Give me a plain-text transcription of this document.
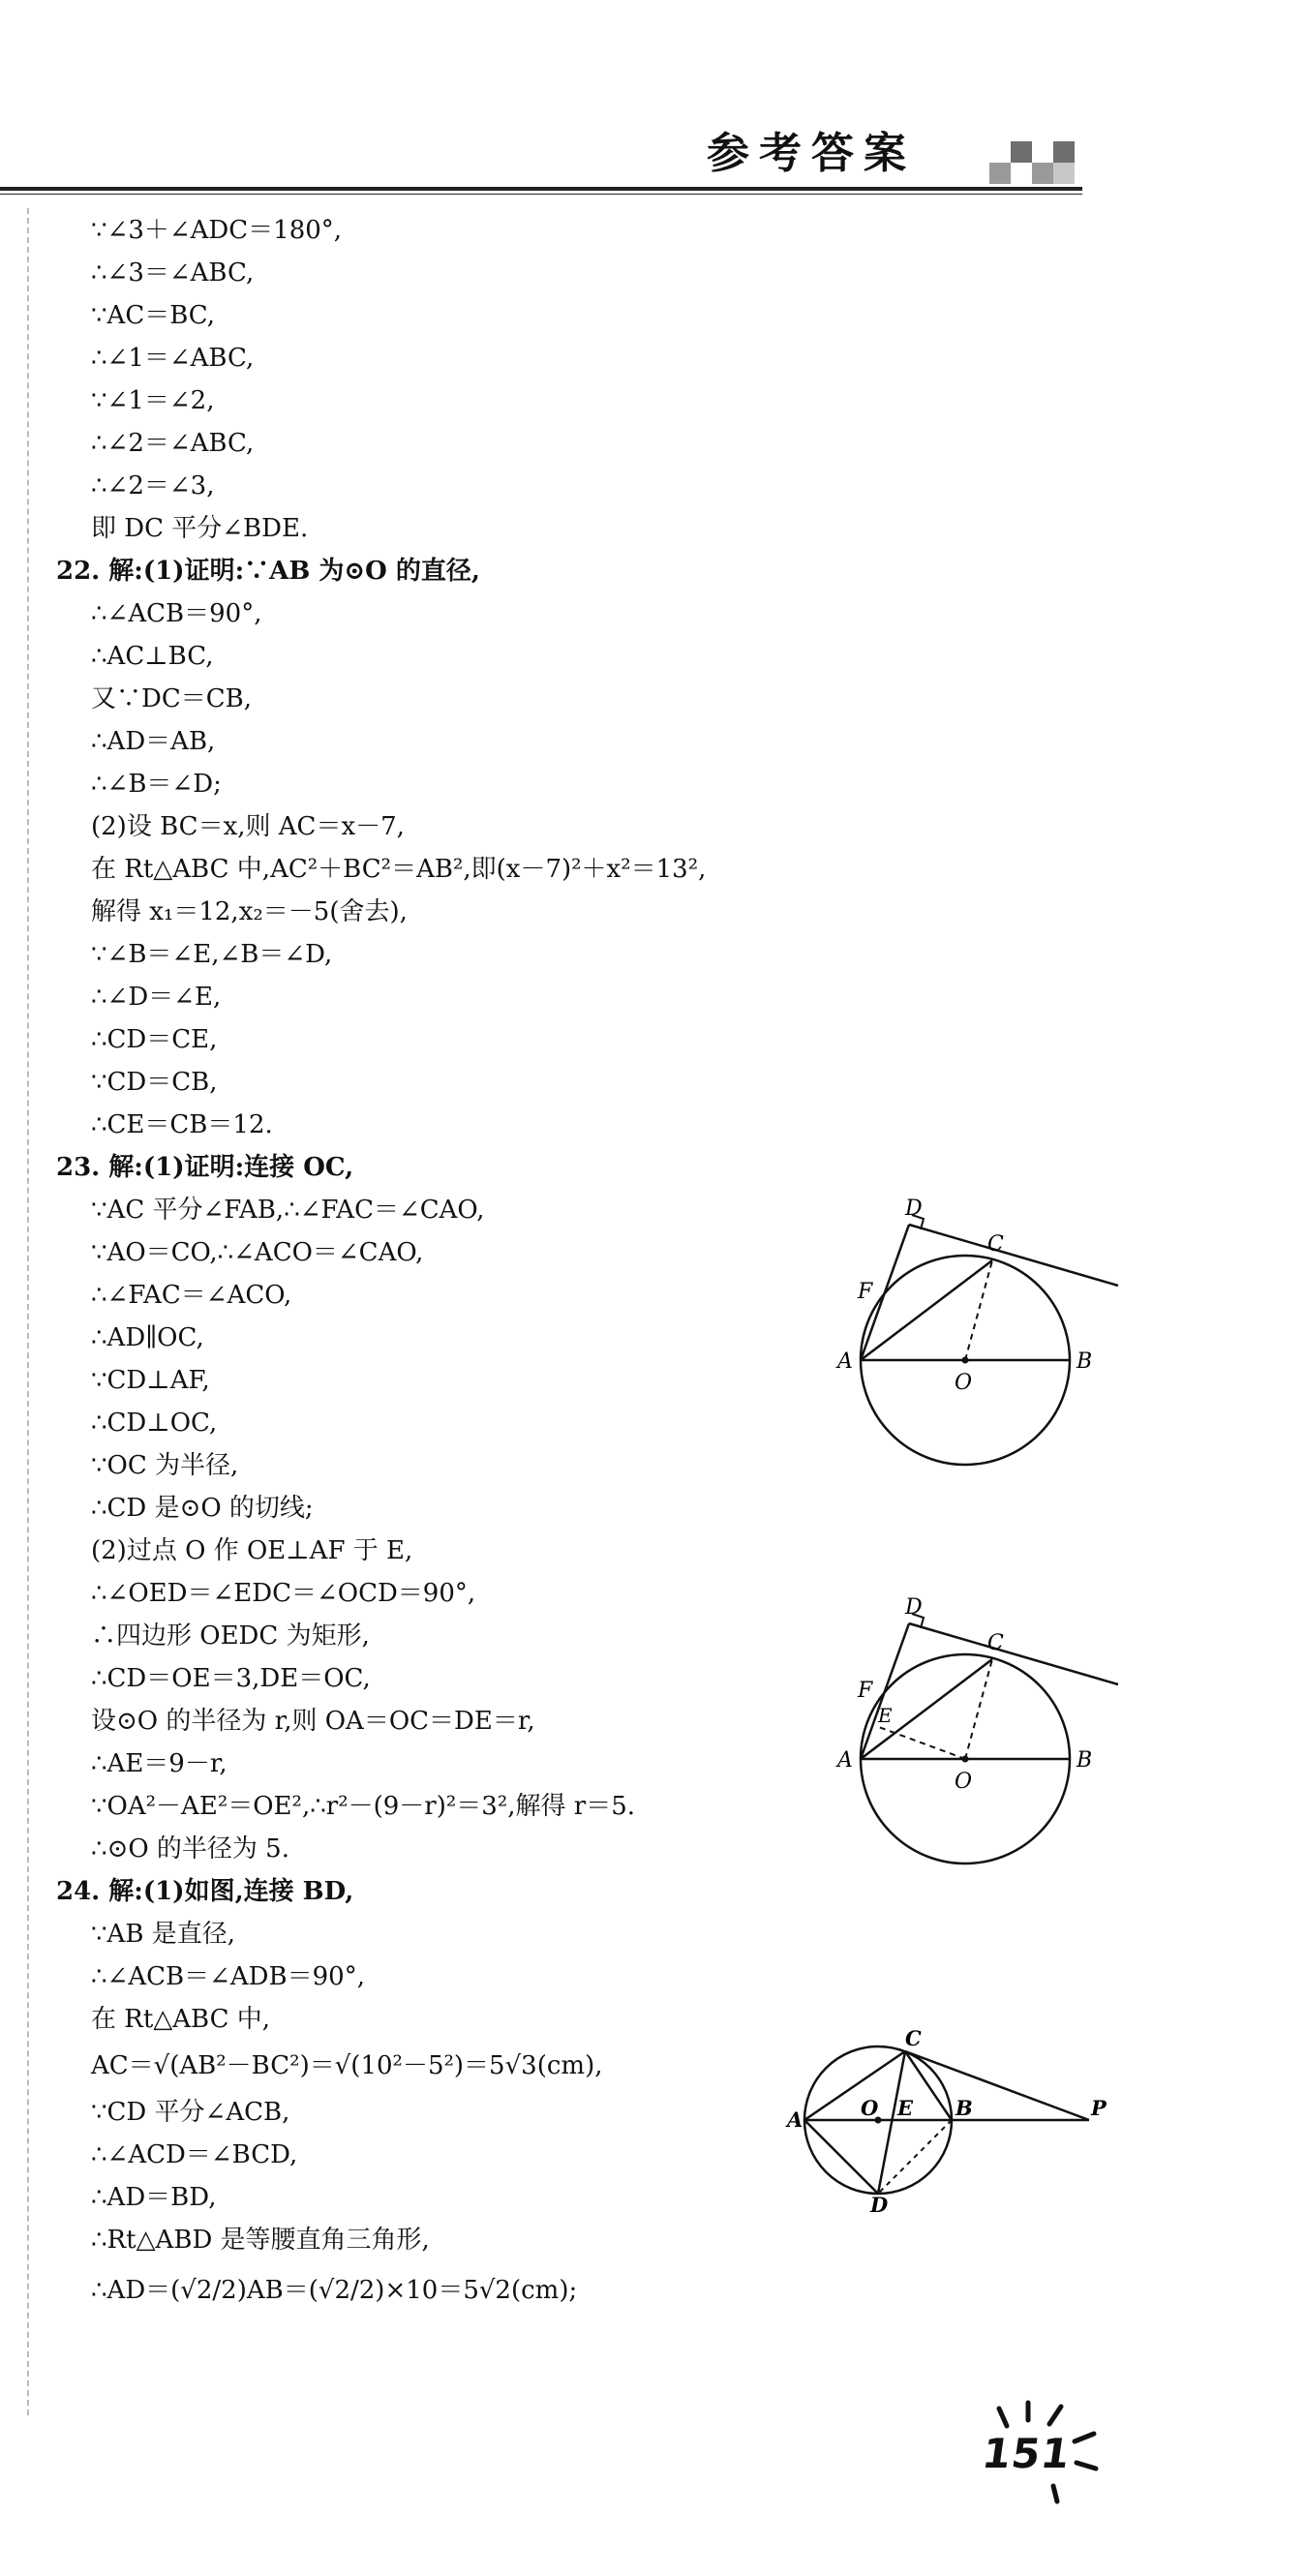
参考答案
∵∠3＋∠ADC＝180°,
∴∠3＝∠ABC,
∵AC＝BC,
∴∠1＝∠ABC,
∵∠1＝∠2,
∴∠2＝∠ABC,
∴∠2＝∠3,
即 DC 平分∠BDE.
22. 解:(1)证明:∵AB 为⊙O 的直径,
∴∠ACB＝90°,
∴AC⊥BC,
又∵DC＝CB,
∴AD＝AB,
∴∠B＝∠D;
(2)设 BC＝x,则 AC＝x－7,
在 Rt△ABC 中,AC²＋BC²＝AB²,即(x－7)²＋x²＝13²,
解得 x₁＝12,x₂＝－5(舍去),
∵∠B＝∠E,∠B＝∠D,
∴∠D＝∠E,
∴CD＝CE,
∵CD＝CB,
∴CE＝CB＝12.
23. 解:(1)证明:连接 OC,
∵AC 平分∠FAB,∴∠FAC＝∠CAO,
∵AO＝CO,∴∠ACO＝∠CAO,
∴∠FAC＝∠ACO,
∴AD∥OC,
∵CD⊥AF,
∴CD⊥OC,
∵OC 为半径,
∴CD 是⊙O 的切线;
(2)过点 O 作 OE⊥AF 于 E,
∴∠OED＝∠EDC＝∠OCD＝90°,
∴四边形 OEDC 为矩形,
∴CD＝OE＝3,DE＝OC,
设⊙O 的半径为 r,则 OA＝OC＝DE＝r,
∴AE＝9－r,
∵OA²－AE²＝OE²,∴r²－(9－r)²＝3²,解得 r＝5.
∴⊙O 的半径为 5.
24. 解:(1)如图,连接 BD,
∵AB 是直径,
∴∠ACB＝∠ADB＝90°,
在 Rt△ABC 中,
AC＝√(AB²－BC²)＝√(10²－5²)＝5√3(cm),
∵CD 平分∠ACB,
∴∠ACD＝∠BCD,
∴AD＝BD,
∴Rt△ABD 是等腰直角三角形,
∴AD＝(√2/2)AB＝(√2/2)×10＝5√2(cm);
D
C
F
A
O
B
D
C
F
E
A
O
B
C
A	O E B	P
D
151
